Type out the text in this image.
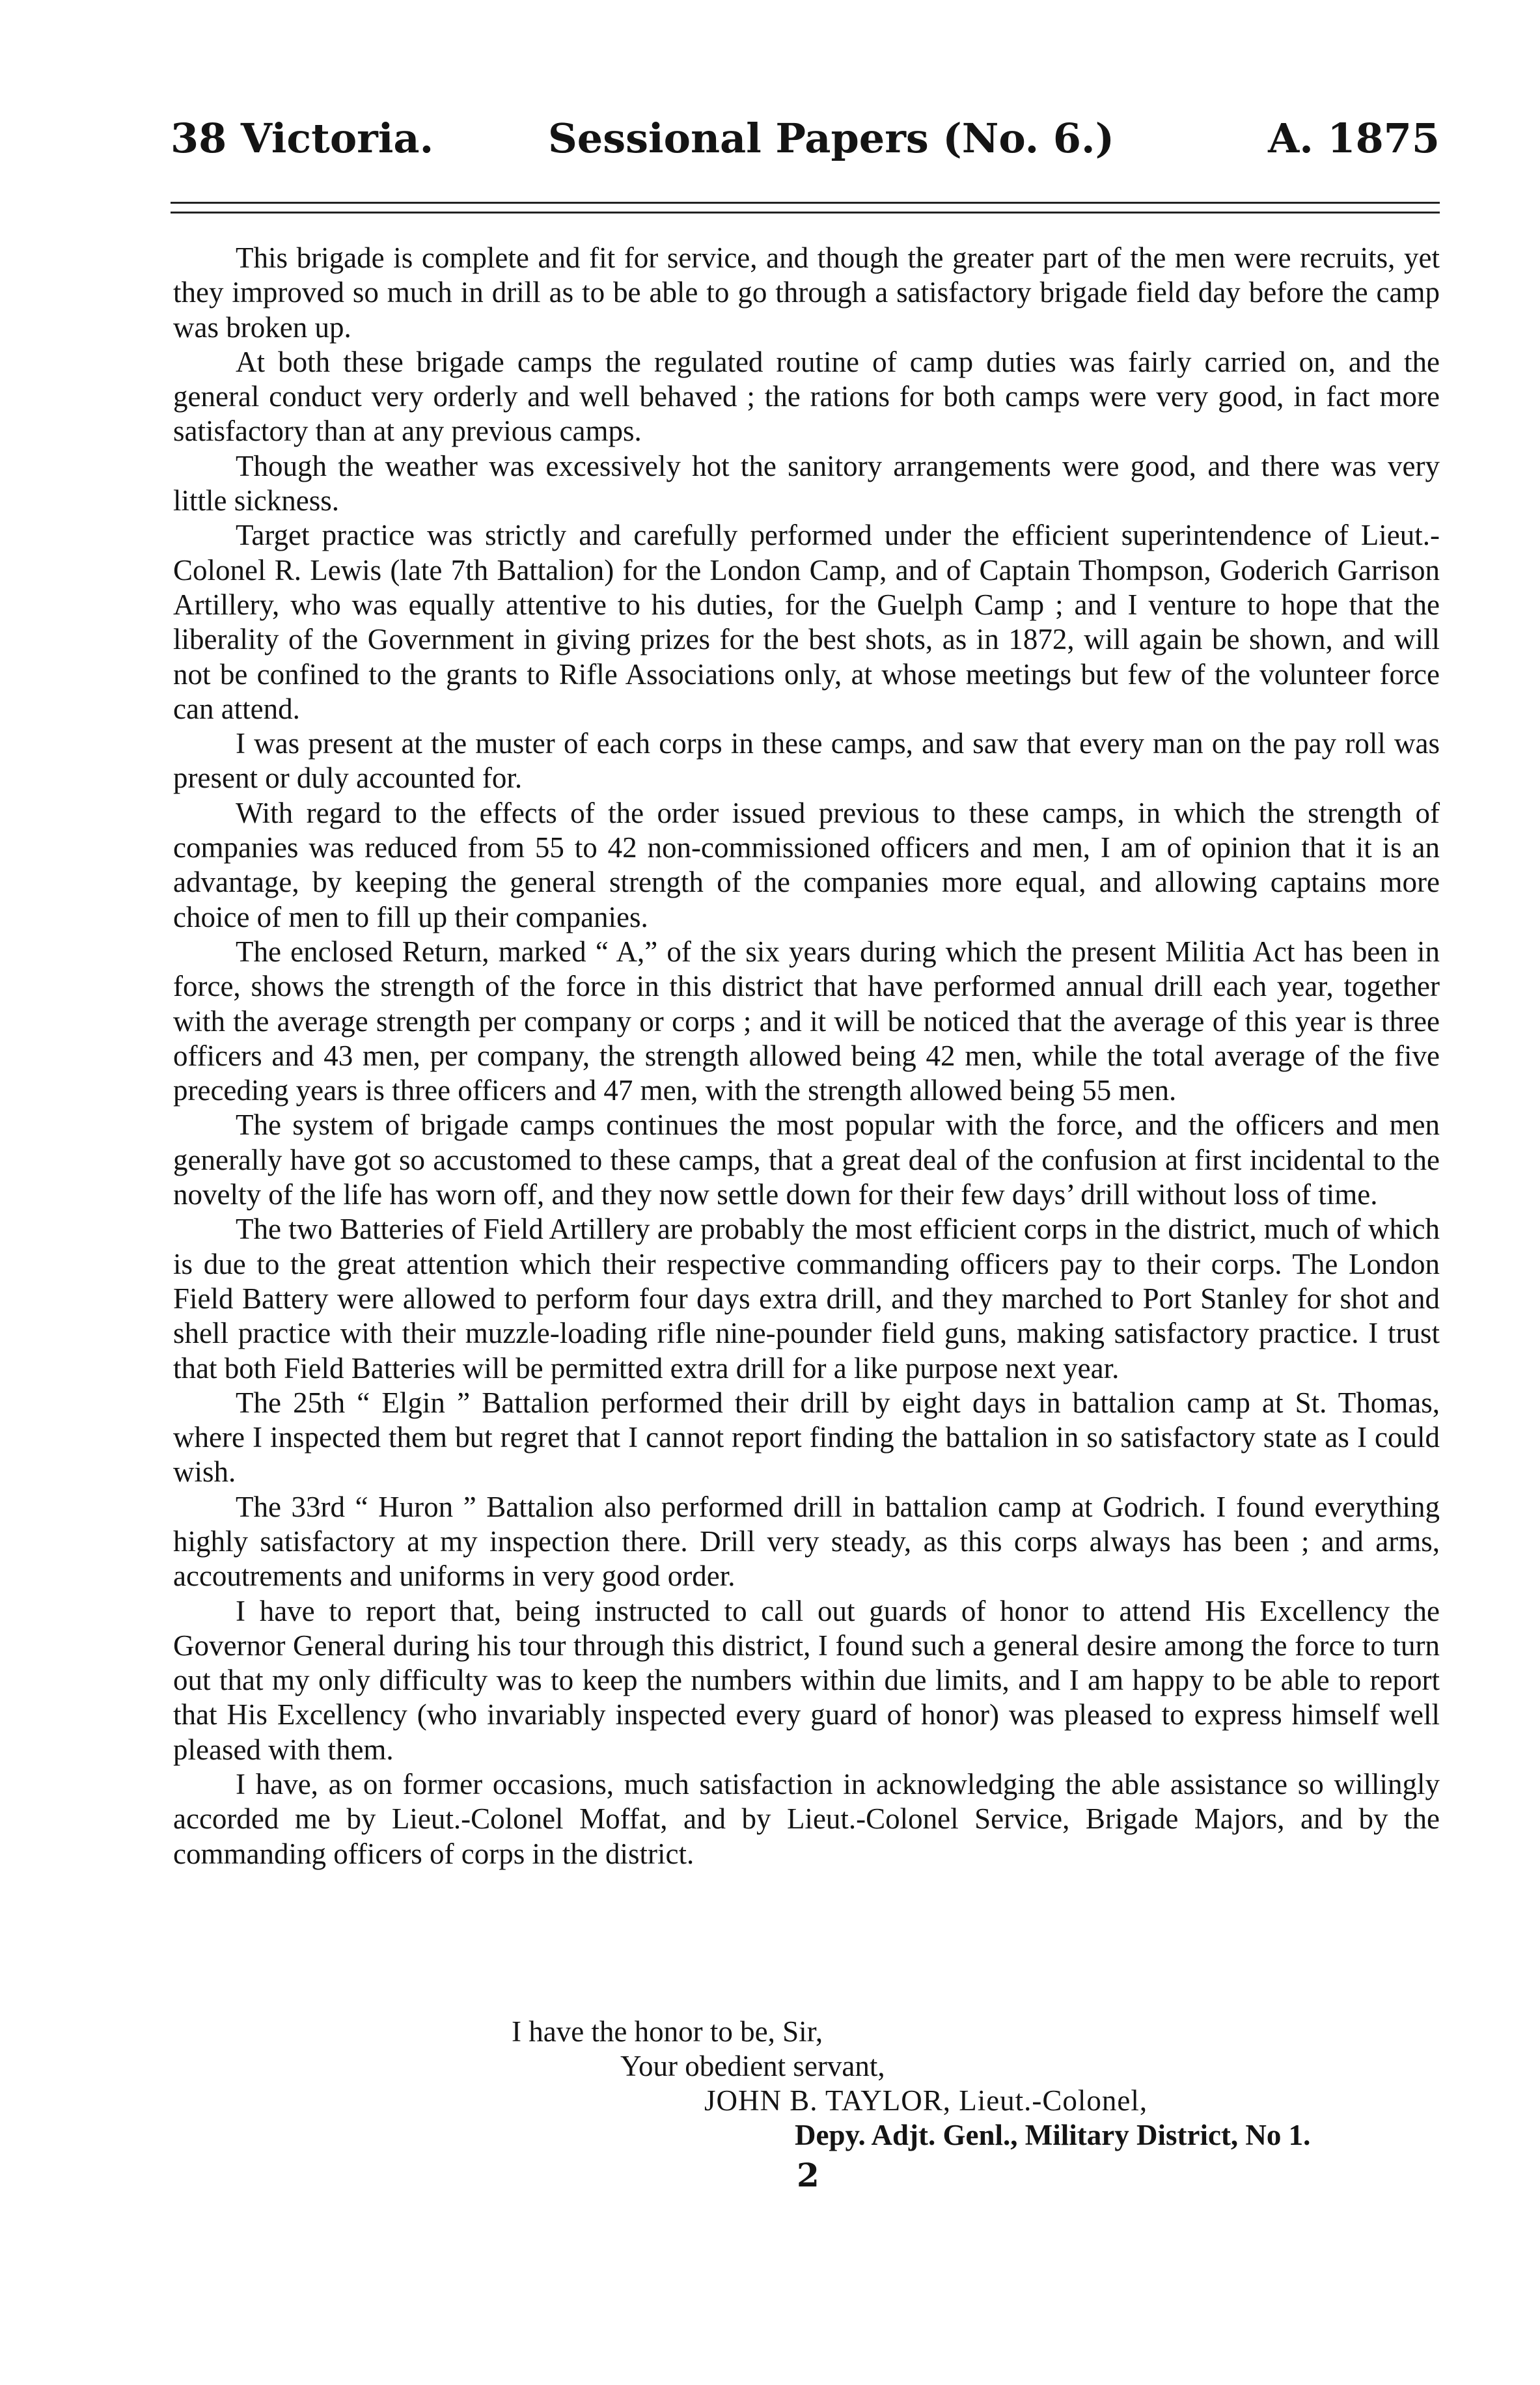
38 Victoria.	Sessional Papers (No. 6.)	A. 1875

This brigade is complete and fit for service, and though the greater part of the men were recruits, yet they improved so much in drill as to be able to go through a satisfactory brigade field day before the camp was broken up.

At both these brigade camps the regulated routine of camp duties was fairly carried on, and the general conduct very orderly and well behaved ; the rations for both camps were very good, in fact more satisfactory than at any previous camps.

Though the weather was excessively hot the sanitory arrangements were good, and there was very little sickness.

Target practice was strictly and carefully performed under the efficient superintendence of Lieut.-Colonel R. Lewis (late 7th Battalion) for the London Camp, and of Captain Thompson, Goderich Garrison Artillery, who was equally attentive to his duties, for the Guelph Camp ; and I venture to hope that the liberality of the Government in giving prizes for the best shots, as in 1872, will again be shown, and will not be confined to the grants to Rifle Associations only, at whose meetings but few of the volunteer force can attend.

I was present at the muster of each corps in these camps, and saw that every man on the pay roll was present or duly accounted for.

With regard to the effects of the order issued previous to these camps, in which the strength of companies was reduced from 55 to 42 non-commissioned officers and men, I am of opinion that it is an advantage, by keeping the general strength of the companies more equal, and allowing captains more choice of men to fill up their companies.

The enclosed Return, marked “ A,” of the six years during which the present Militia Act has been in force, shows the strength of the force in this district that have performed annual drill each year, together with the average strength per company or corps ; and it will be noticed that the average of this year is three officers and 43 men, per company, the strength allowed being 42 men, while the total average of the five preceding years is three officers and 47 men, with the strength allowed being 55 men.

The system of brigade camps continues the most popular with the force, and the officers and men generally have got so accustomed to these camps, that a great deal of the confusion at first incidental to the novelty of the life has worn off, and they now settle down for their few days’ drill without loss of time.

The two Batteries of Field Artillery are probably the most efficient corps in the district, much of which is due to the great attention which their respective commanding officers pay to their corps. The London Field Battery were allowed to perform four days extra drill, and they marched to Port Stanley for shot and shell practice with their muzzle-loading rifle nine-pounder field guns, making satisfactory practice. I trust that both Field Batteries will be permitted extra drill for a like purpose next year.

The 25th “ Elgin ” Battalion performed their drill by eight days in battalion camp at St. Thomas, where I inspected them but regret that I cannot report finding the battalion in so satisfactory state as I could wish.

The 33rd “ Huron ” Battalion also performed drill in battalion camp at Godrich. I found everything highly satisfactory at my inspection there. Drill very steady, as this corps always has been ; and arms, accoutrements and uniforms in very good order.

I have to report that, being instructed to call out guards of honor to attend His Excellency the Governor General during his tour through this district, I found such a general desire among the force to turn out that my only difficulty was to keep the numbers within due limits, and I am happy to be able to report that His Excellency (who invariably inspected every guard of honor) was pleased to express himself well pleased with them.

I have, as on former occasions, much satisfaction in acknowledging the able assistance so willingly accorded me by Lieut.-Colonel Moffat, and by Lieut.-Colonel Service, Brigade Majors, and by the commanding officers of corps in the district.

I have the honor to be, Sir,
Your obedient servant,
JOHN B. TAYLOR, Lieut.-Colonel,
Depy. Adjt. Genl., Military District, No 1.
2
